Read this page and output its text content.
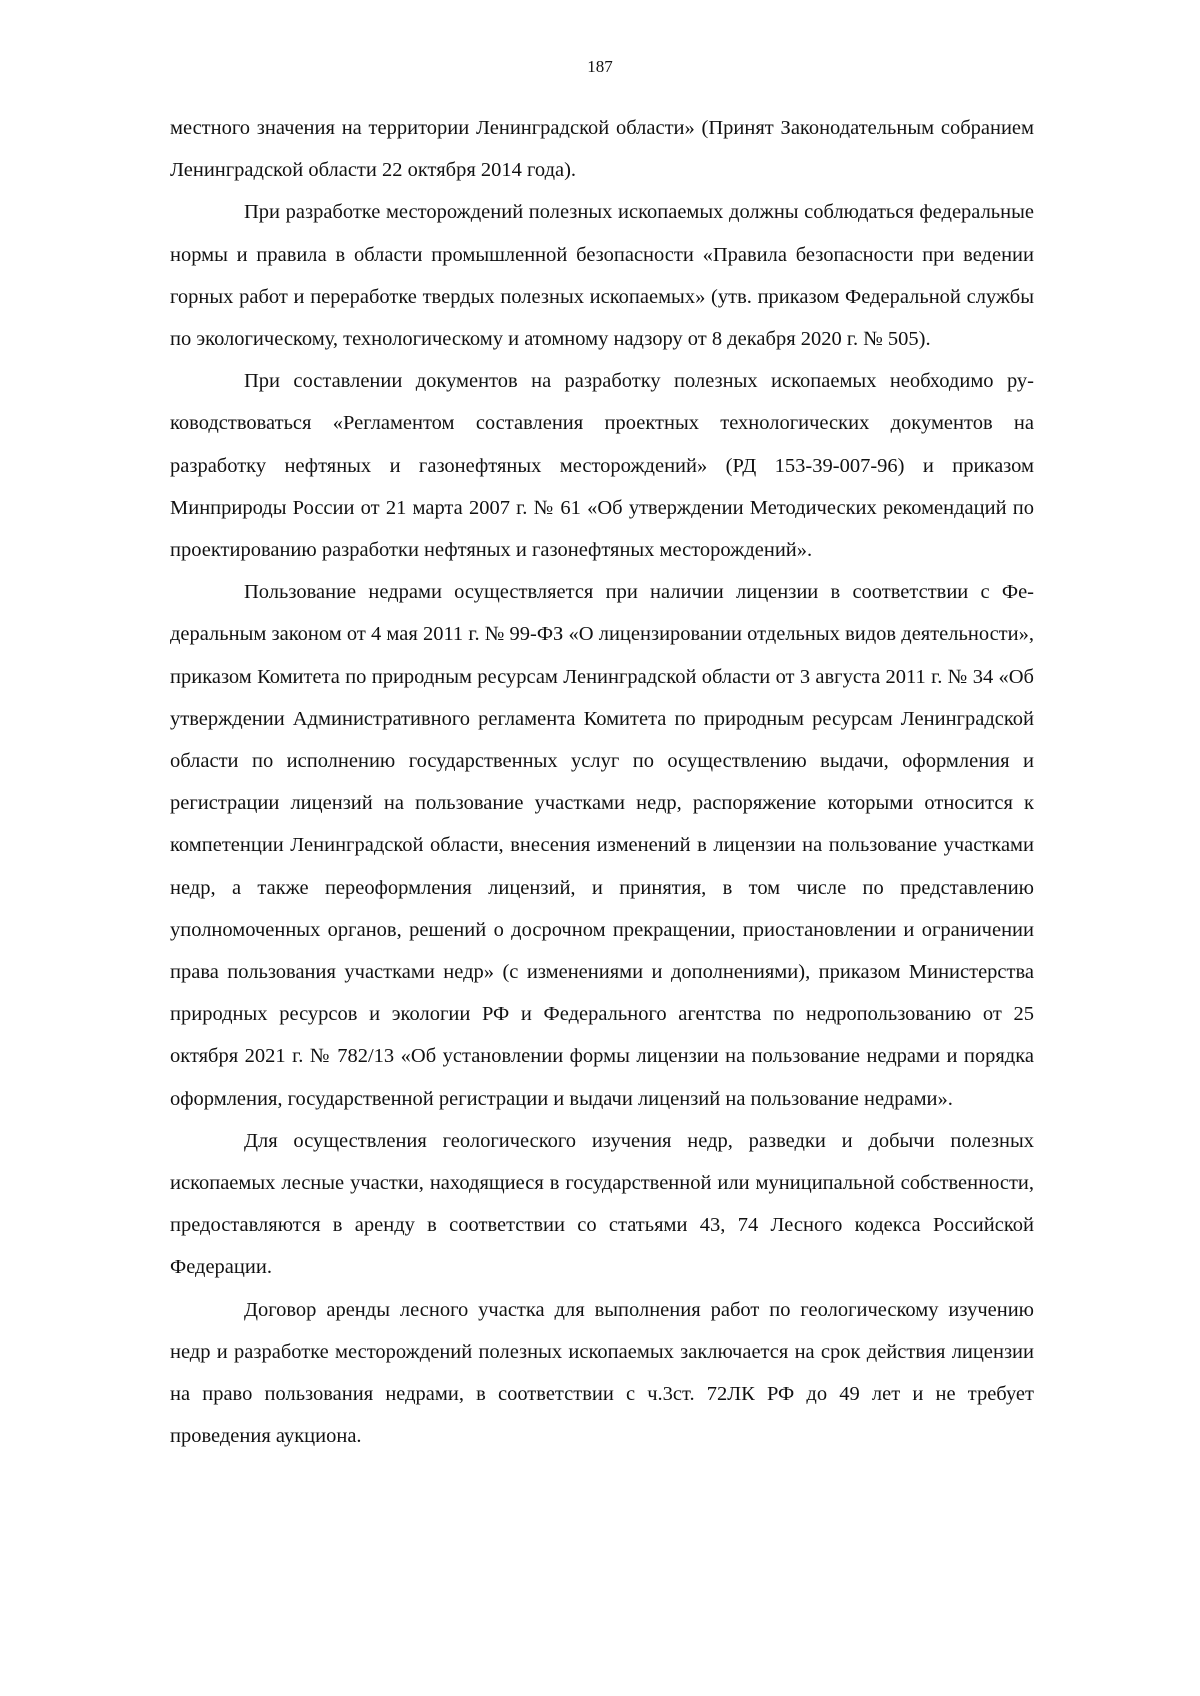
187

местного значения на территории Ленинградской области» (Принят Законодательным собранием Ленинградской области 22 октября 2014 года).

При разработке месторождений полезных ископаемых должны соблюдаться федеральные нормы и правила в области промышленной безопасности «Правила безопасности при ведении горных работ и переработке твердых полезных ископаемых» (утв. приказом Федеральной службы по экологическому, технологическому и атомному надзору от 8 декабря 2020 г. № 505).

При составлении документов на разработку полезных ископаемых необходимо руководствоваться «Регламентом составления проектных технологических документов на разработку нефтяных и газонефтяных месторождений» (РД 153-39-007-96) и приказом Минприроды России от 21 марта 2007 г. № 61 «Об утверждении Методических рекомендаций по проектированию разработки нефтяных и газонефтяных месторождений».

Пользование недрами осуществляется при наличии лицензии в соответствии с Федеральным законом от 4 мая 2011 г. № 99-ФЗ «О лицензировании отдельных видов деятельности», приказом Комитета по природным ресурсам Ленинградской области от 3 августа 2011 г. № 34 «Об утверждении Административного регламента Комитета по природным ресурсам Ленинградской области по исполнению государственных услуг по осуществлению выдачи, оформления и регистрации лицензий на пользование участками недр, распоряжение которыми относится к компетенции Ленинградской области, внесения изменений в лицензии на пользование участками недр, а также переоформления лицензий, и принятия, в том числе по представлению уполномоченных органов, решений о досрочном прекращении, приостановлении и ограничении права пользования участками недр» (с изменениями и дополнениями), приказом Министерства природных ресурсов и экологии РФ и Федерального агентства по недропользованию от 25 октября 2021 г. № 782/13 «Об установлении формы лицензии на пользование недрами и порядка оформления, государственной регистрации и выдачи лицензий на пользование недрами».

Для осуществления геологического изучения недр, разведки и добычи полезных ископаемых лесные участки, находящиеся в государственной или муниципальной собственности, предоставляются в аренду в соответствии со статьями 43, 74 Лесного кодекса Российской Федерации.

Договор аренды лесного участка для выполнения работ по геологическому изучению недр и разработке месторождений полезных ископаемых заключается на срок действия лицензии на право пользования недрами, в соответствии с ч.3ст. 72ЛК РФ до 49 лет и не требует проведения аукциона.
